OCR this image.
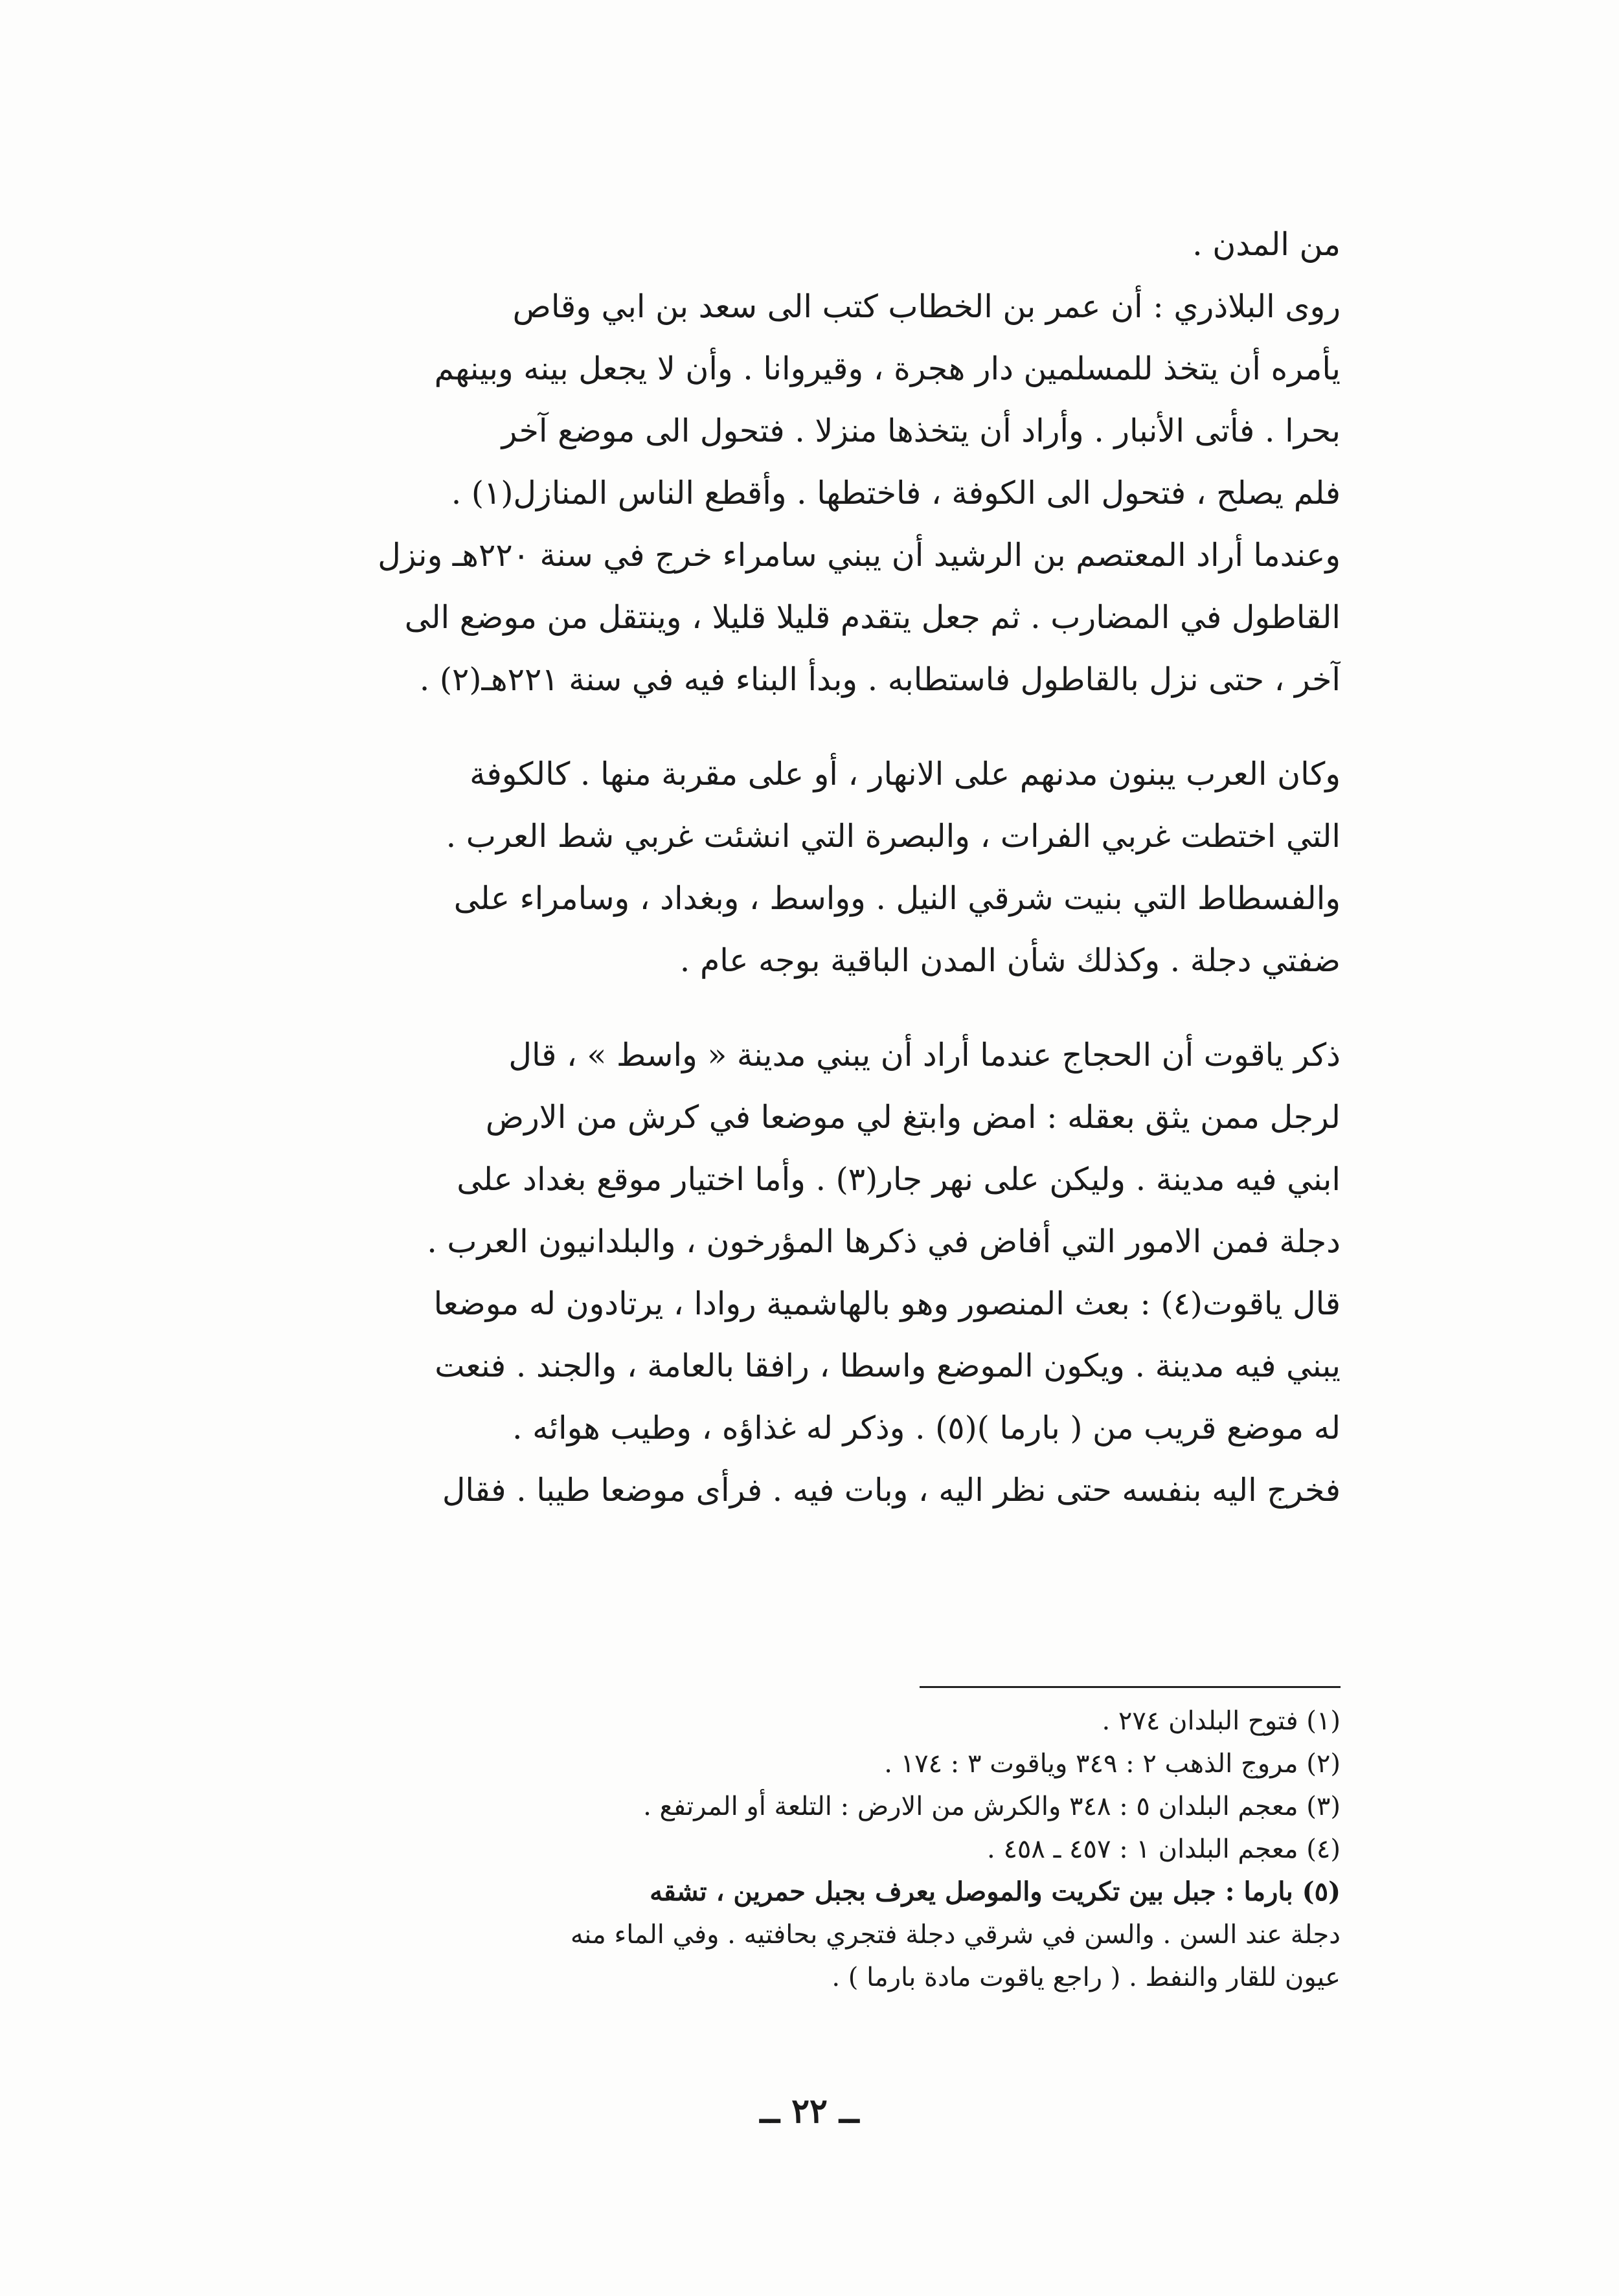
من المدن .
روى البلاذري : أن عمر بن الخطاب كتب الى سعد بن ابي وقاص
يأمره أن يتخذ للمسلمين دار هجرة ، وقيروانا . وأن لا يجعل بينه وبينهم
بحرا . فأتى الأنبار . وأراد أن يتخذها منزلا . فتحول الى موضع آخر
فلم يصلح ، فتحول الى الكوفة ، فاختطها . وأقطع الناس المنازل(١) .
وعندما أراد المعتصم بن الرشيد أن يبني سامراء خرج في سنة ٢٢٠هـ ونزل
القاطول في المضارب . ثم جعل يتقدم قليلا قليلا ، وينتقل من موضع الى
آخر ، حتى نزل بالقاطول فاستطابه . وبدأ البناء فيه في سنة ٢٢١هـ(٢) .
وكان العرب يبنون مدنهم على الانهار ، أو على مقربة منها . كالكوفة
التي اختطت غربي الفرات ، والبصرة التي انشئت غربي شط العرب .
والفسطاط التي بنيت شرقي النيل . وواسط ، وبغداد ، وسامراء على
ضفتي دجلة . وكذلك شأن المدن الباقية بوجه عام .
ذكر ياقوت أن الحجاج عندما أراد أن يبني مدينة « واسط » ، قال
لرجل ممن يثق بعقله : امض وابتغ لي موضعا في كرش من الارض
ابني فيه مدينة . وليكن على نهر جار(٣) . وأما اختيار موقع بغداد على
دجلة فمن الامور التي أفاض في ذكرها المؤرخون ، والبلدانيون العرب .
قال ياقوت(٤) : بعث المنصور وهو بالهاشمية روادا ، يرتادون له موضعا
يبني فيه مدينة . ويكون الموضع واسطا ، رافقا بالعامة ، والجند . فنعت
له موضع قريب من ( بارما )(٥) . وذكر له غذاؤه ، وطيب هوائه .
فخرج اليه بنفسه حتى نظر اليه ، وبات فيه . فرأى موضعا طيبا . فقال
(١) فتوح البلدان ٢٧٤ .
(٢) مروج الذهب ٢ : ٣٤٩ وياقوت ٣ : ١٧٤ .
(٣) معجم البلدان ٥ : ٣٤٨ والكرش من الارض : التلعة أو المرتفع .
(٤) معجم البلدان ١ : ٤٥٧ ـ ٤٥٨ .
(٥) بارما : جبل بين تكريت والموصل يعرف بجبل حمرين ، تشقه
دجلة عند السن . والسن في شرقي دجلة فتجري بحافتيه . وفي الماء منه
عيون للقار والنفط . ( راجع ياقوت مادة بارما ) .
ــ ٢٢ ــ
